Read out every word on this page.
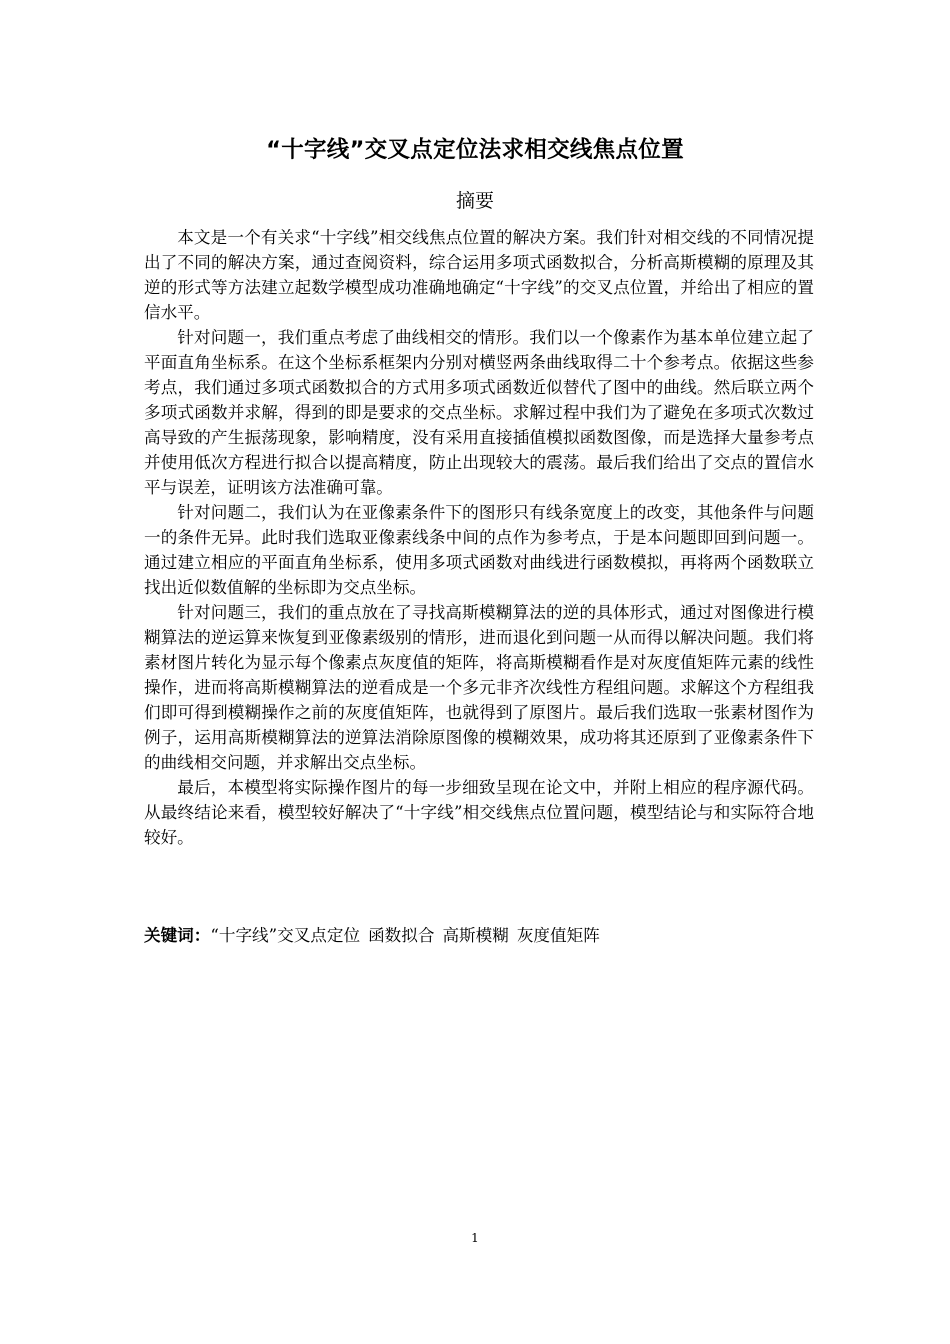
“十字线”交叉点定位法求相交线焦点位置
摘要

本文是一个有关求“十字线”相交线焦点位置的解决方案。我们针对相交线的不同情况提出了不同的解决方案，通过查阅资料，综合运用多项式函数拟合，分析高斯模糊的原理及其逆的形式等方法建立起数学模型成功准确地确定“十字线”的交叉点位置，并给出了相应的置信水平。

针对问题一，我们重点考虑了曲线相交的情形。我们以一个像素作为基本单位建立起了平面直角坐标系。在这个坐标系框架内分别对横竖两条曲线取得二十个参考点。依据这些参考点，我们通过多项式函数拟合的方式用多项式函数近似替代了图中的曲线。然后联立两个多项式函数并求解，得到的即是要求的交点坐标。求解过程中我们为了避免在多项式次数过高导致的产生振荡现象，影响精度，没有采用直接插值模拟函数图像，而是选择大量参考点并使用低次方程进行拟合以提高精度，防止出现较大的震荡。最后我们给出了交点的置信水平与误差，证明该方法准确可靠。

针对问题二，我们认为在亚像素条件下的图形只有线条宽度上的改变，其他条件与问题一的条件无异。此时我们选取亚像素线条中间的点作为参考点，于是本问题即回到问题一。通过建立相应的平面直角坐标系，使用多项式函数对曲线进行函数模拟，再将两个函数联立找出近似数值解的坐标即为交点坐标。

针对问题三，我们的重点放在了寻找高斯模糊算法的逆的具体形式，通过对图像进行模糊算法的逆运算来恢复到亚像素级别的情形，进而退化到问题一从而得以解决问题。我们将素材图片转化为显示每个像素点灰度值的矩阵，将高斯模糊看作是对灰度值矩阵元素的线性操作，进而将高斯模糊算法的逆看成是一个多元非齐次线性方程组问题。求解这个方程组我们即可得到模糊操作之前的灰度值矩阵，也就得到了原图片。最后我们选取一张素材图作为例子，运用高斯模糊算法的逆算法消除原图像的模糊效果，成功将其还原到了亚像素条件下的曲线相交问题，并求解出交点坐标。

最后，本模型将实际操作图片的每一步细致呈现在论文中，并附上相应的程序源代码。从最终结论来看，模型较好解决了“十字线”相交线焦点位置问题，模型结论与和实际符合地较好。

关键词：“十字线”交叉点定位 函数拟合 高斯模糊 灰度值矩阵
1
